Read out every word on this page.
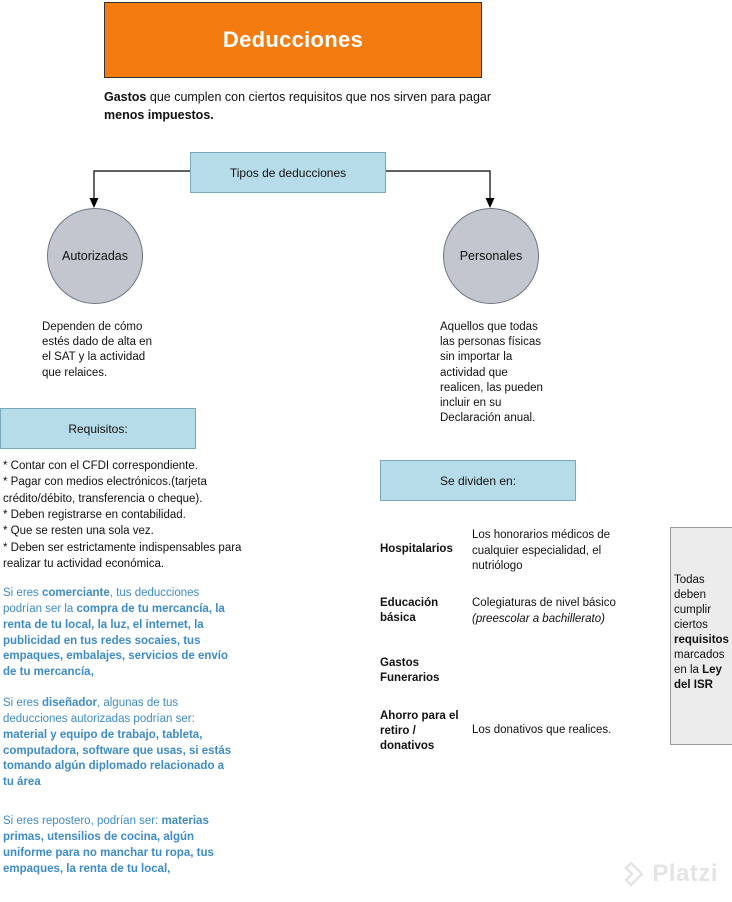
Deducciones
Gastos que cumplen con ciertos requisitos que nos sirven para pagar menos impuestos.
Tipos de deducciones
Autorizadas	Personales
Dependen de cómo estés dado de alta en el SAT y la actividad que relaices.
Aquellos que todas las personas físicas sin importar la actividad que realicen, las pueden incluir en su Declaración anual.
Requisitos:
* Contar con el CFDI correspondiente.
* Pagar con medios electrónicos.(tarjeta crédito/débito, transferencia o cheque).
* Deben registrarse en contabilidad.
* Que se resten una sola vez.
* Deben ser estrictamente indispensables para realizar tu actividad económica.
Si eres comerciante, tus deducciones podrían ser la compra de tu mercancía, la renta de tu local, la luz, el internet, la publicidad en tus redes socaies, tus empaques, embalajes, servicios de envío de tu mercancía,
Si eres diseñador, algunas de tus deducciones autorizadas podrían ser: material y equipo de trabajo, tableta, computadora, software que usas, si estás tomando algún diplomado relacionado a tu área
Si eres repostero, podrían ser: materias primas, utensilios de cocina, algún uniforme para no manchar tu ropa, tus empaques, la renta de tu local,
Se dividen en:
Hospitalarios
Los honorarios médicos de cualquier especialidad, el nutriólogo
Educación básica
Colegiaturas de nivel básico
(preescolar a bachillerato)
Gastos Funerarios
Ahorro para el retiro / donativos
Los donativos que realices.
Todas deben cumplir ciertos requisitos marcados en la Ley del ISR
Platzi
